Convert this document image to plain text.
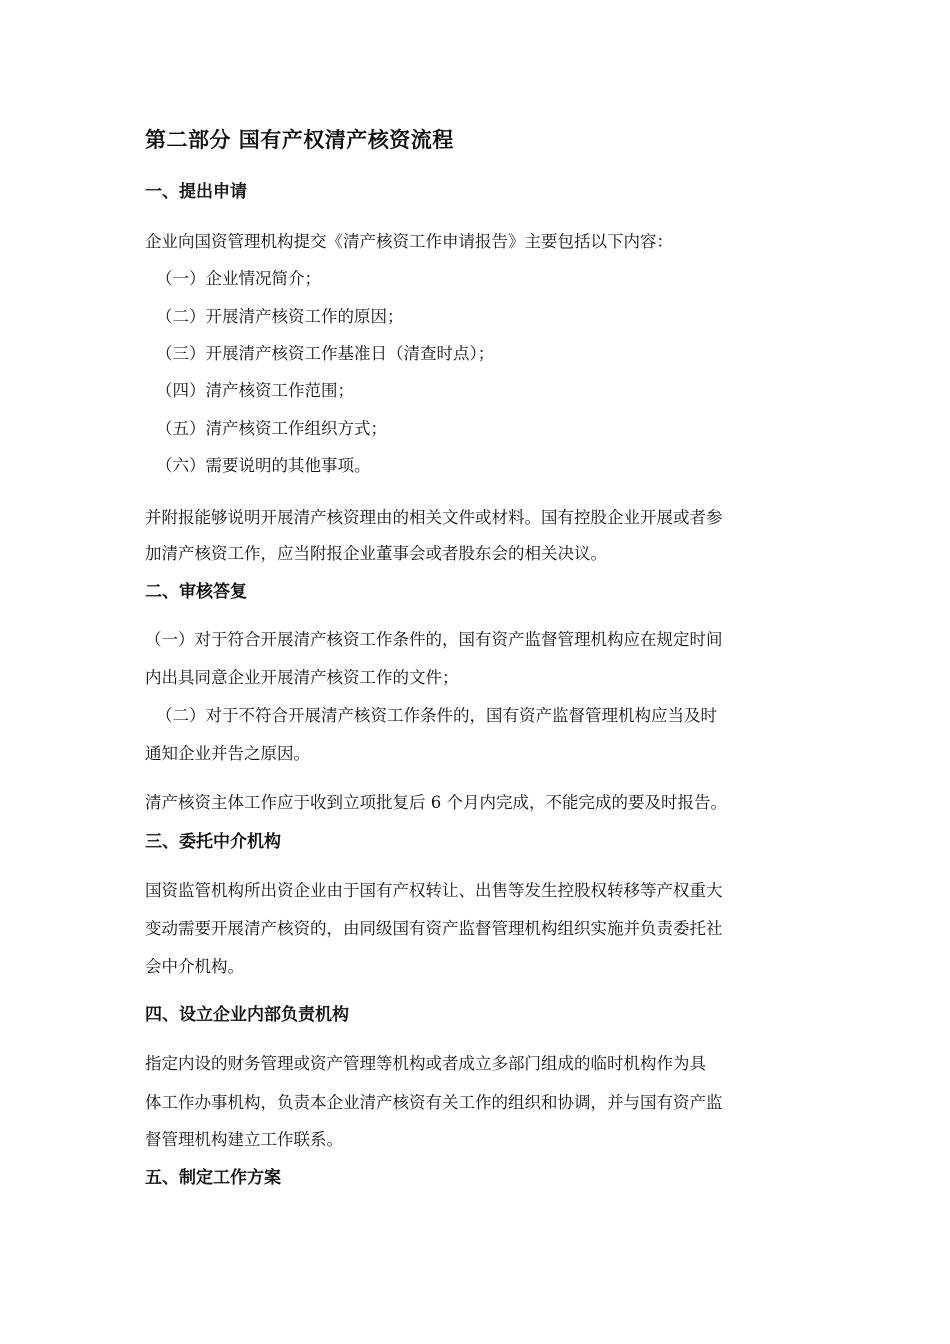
第二部分 国有产权清产核资流程
一、提出申请
企业向国资管理机构提交《清产核资工作申请报告》主要包括以下内容：
（一）企业情况简介；
（二）开展清产核资工作的原因；
（三）开展清产核资工作基准日（清查时点）；
（四）清产核资工作范围；
（五）清产核资工作组织方式；
（六）需要说明的其他事项。
并附报能够说明开展清产核资理由的相关文件或材料。国有控股企业开展或者参
加清产核资工作，应当附报企业董事会或者股东会的相关决议。
二、审核答复
（一）对于符合开展清产核资工作条件的，国有资产监督管理机构应在规定时间
内出具同意企业开展清产核资工作的文件；
（二）对于不符合开展清产核资工作条件的，国有资产监督管理机构应当及时
通知企业并告之原因。
清产核资主体工作应于收到立项批复后 6 个月内完成，不能完成的要及时报告。
三、委托中介机构
国资监管机构所出资企业由于国有产权转让、出售等发生控股权转移等产权重大
变动需要开展清产核资的，由同级国有资产监督管理机构组织实施并负责委托社
会中介机构。
四、设立企业内部负责机构
指定内设的财务管理或资产管理等机构或者成立多部门组成的临时机构作为具
体工作办事机构，负责本企业清产核资有关工作的组织和协调，并与国有资产监
督管理机构建立工作联系。
五、制定工作方案
